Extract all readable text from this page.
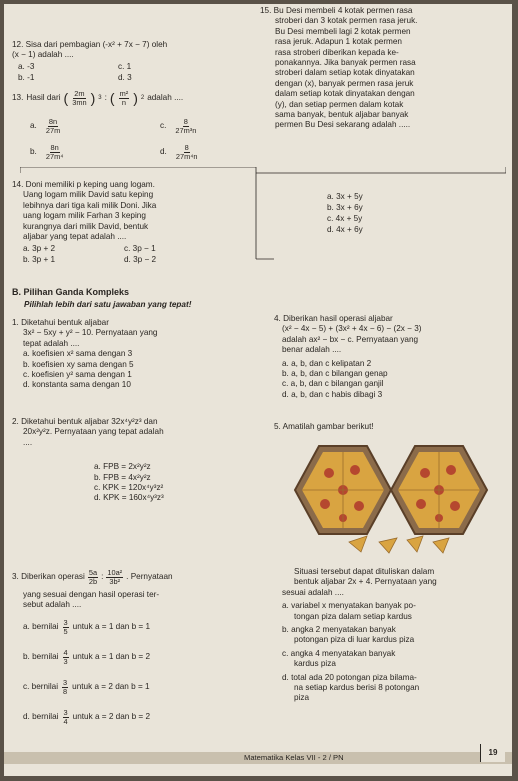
12. Sisa dari pembagian (-x² + 7x − 7) oleh
(x − 1) adalah ....
a. -3	c. 1
b. -1	d. 3
13. Hasil dari ( $\frac{2m}{3mn}$ ) 3 : ( $\frac{\text{m²}}{n}$ ) 2 adalah ....
a. $\frac{8n}{27m}$	c. $\frac{8}{\text{27m³n}}$
b. $\frac{8n}{\text{27m⁴}}$	d. $\frac{8}{\text{27m⁴n}}$
14. Doni memiliki p keping uang logam.
Uang logam milik David satu keping
lebihnya dari tiga kali milik Doni. Jika
uang logam milik Farhan 3 keping
kurangnya dari milik David, bentuk
aljabar yang tepat adalah ....
a. 3p + 2	c. 3p − 1
b. 3p + 1	d. 3p − 2
15. Bu Desi membeli 4 kotak permen rasa
stroberi dan 3 kotak permen rasa jeruk.
Bu Desi membeli lagi 2 kotak permen
rasa jeruk. Adapun 1 kotak permen
rasa stroberi diberikan kepada ke-
ponakannya. Jika banyak permen rasa
stroberi dalam setiap kotak dinyatakan
dengan (x), banyak permen rasa jeruk
dalam setiap kotak dinyatakan dengan
(y), dan setiap permen dalam kotak
sama banyak, bentuk aljabar banyak
permen Bu Desi sekarang adalah .....
a. 3x + 5y
b. 3x + 6y
c. 4x + 5y
d. 4x + 6y
B. Pilihan Ganda Kompleks
Pilihlah lebih dari satu jawaban yang tepat!
1. Diketahui bentuk aljabar
3x² − 5xy + y² − 10. Pernyataan yang
tepat adalah ....
a. koefisien x² sama dengan 3
b. koefisien xy sama dengan 5
c. koefisien y² sama dengan 1
d. konstanta sama dengan 10
2. Diketahui bentuk aljabar 32x⁴y²z³ dan
20x²y²z. Pernyataan yang tepat adalah
....
a. FPB = 2x²y²z
b. FPB = 4x²y²z
c. KPK = 120x⁴y³z²
d. KPK = 160x⁴y³z³
3. Diberikan operasi $\frac{5a}{2b}$ : $\frac{\text{10a²}}{\text{3b²}}$ . Pernyataan
yang sesuai dengan hasil operasi ter-
sebut adalah ....
a. bernilai $\frac{3}{5}$ untuk a = 1 dan b = 1
b. bernilai $\frac{4}{3}$ untuk a = 1 dan b = 2
c. bernilai $\frac{3}{8}$ untuk a = 2 dan b = 1
d. bernilai $\frac{3}{4}$ untuk a = 2 dan b = 2
4. Diberikan hasil operasi aljabar
(x² − 4x − 5) + (3x² + 4x − 6) − (2x − 3)
adalah ax² − bx − c. Pernyataan yang
benar adalah ....
a. a, b, dan c kelipatan 2
b. a, b, dan c bilangan genap
c. a, b, dan c bilangan ganjil
d. a, b, dan c habis dibagi 3
5. Amatilah gambar berikut!
Situasi tersebut dapat dituliskan dalam
bentuk aljabar 2x + 4. Pernyataan yang
sesuai adalah ....
a. variabel x menyatakan banyak po-
tongan piza dalam setiap kardus
b. angka 2 menyatakan banyak
potongan piza di luar kardus piza
c. angka 4 menyatakan banyak
kardus piza
d. total ada 20 potongan piza bilama-
na setiap kardus berisi 8 potongan
piza
Matematika Kelas VII - 2 / PN
19
